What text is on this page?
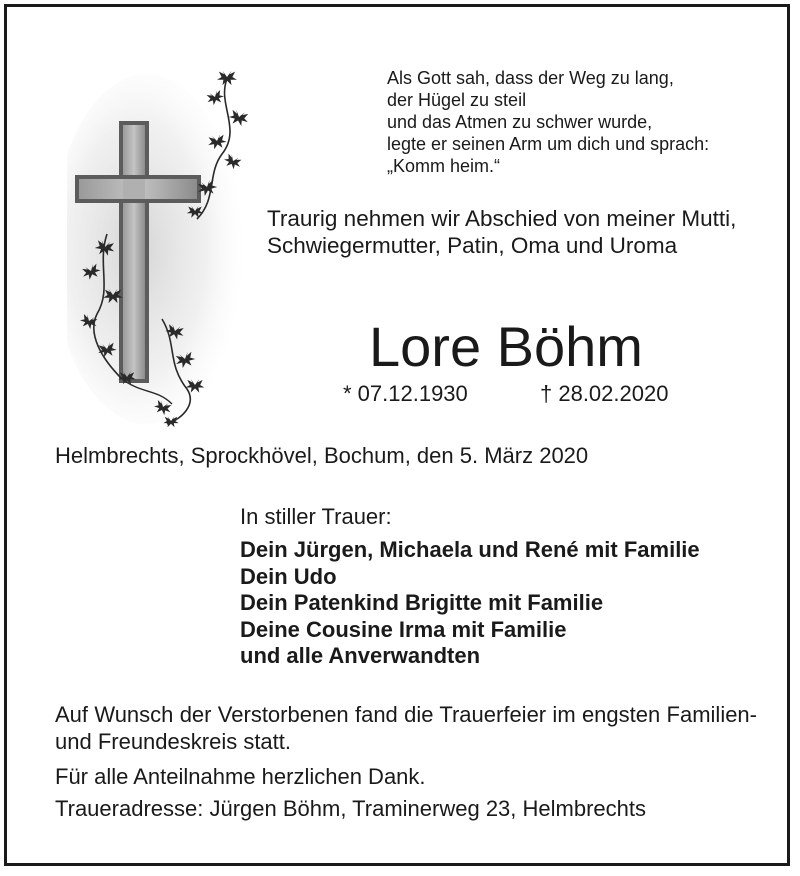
Als Gott sah, dass der Weg zu lang,
der Hügel zu steil
und das Atmen zu schwer wurde,
legte er seinen Arm um dich und sprach:
„Komm heim.“

Traurig nehmen wir Abschied von meiner Mutti, Schwiegermutter, Patin, Oma und Uroma

Lore Böhm
* 07.12.1930	† 28.02.2020

Helmbrechts, Sprockhövel, Bochum, den 5. März 2020

In stiller Trauer:

Dein Jürgen, Michaela und René mit Familie
Dein Udo
Dein Patenkind Brigitte mit Familie
Deine Cousine Irma mit Familie
und alle Anverwandten

Auf Wunsch der Verstorbenen fand die Trauerfeier im engsten Familien- und Freundeskreis statt.

Für alle Anteilnahme herzlichen Dank.

Traueradresse: Jürgen Böhm, Traminerweg 23, Helmbrechts
